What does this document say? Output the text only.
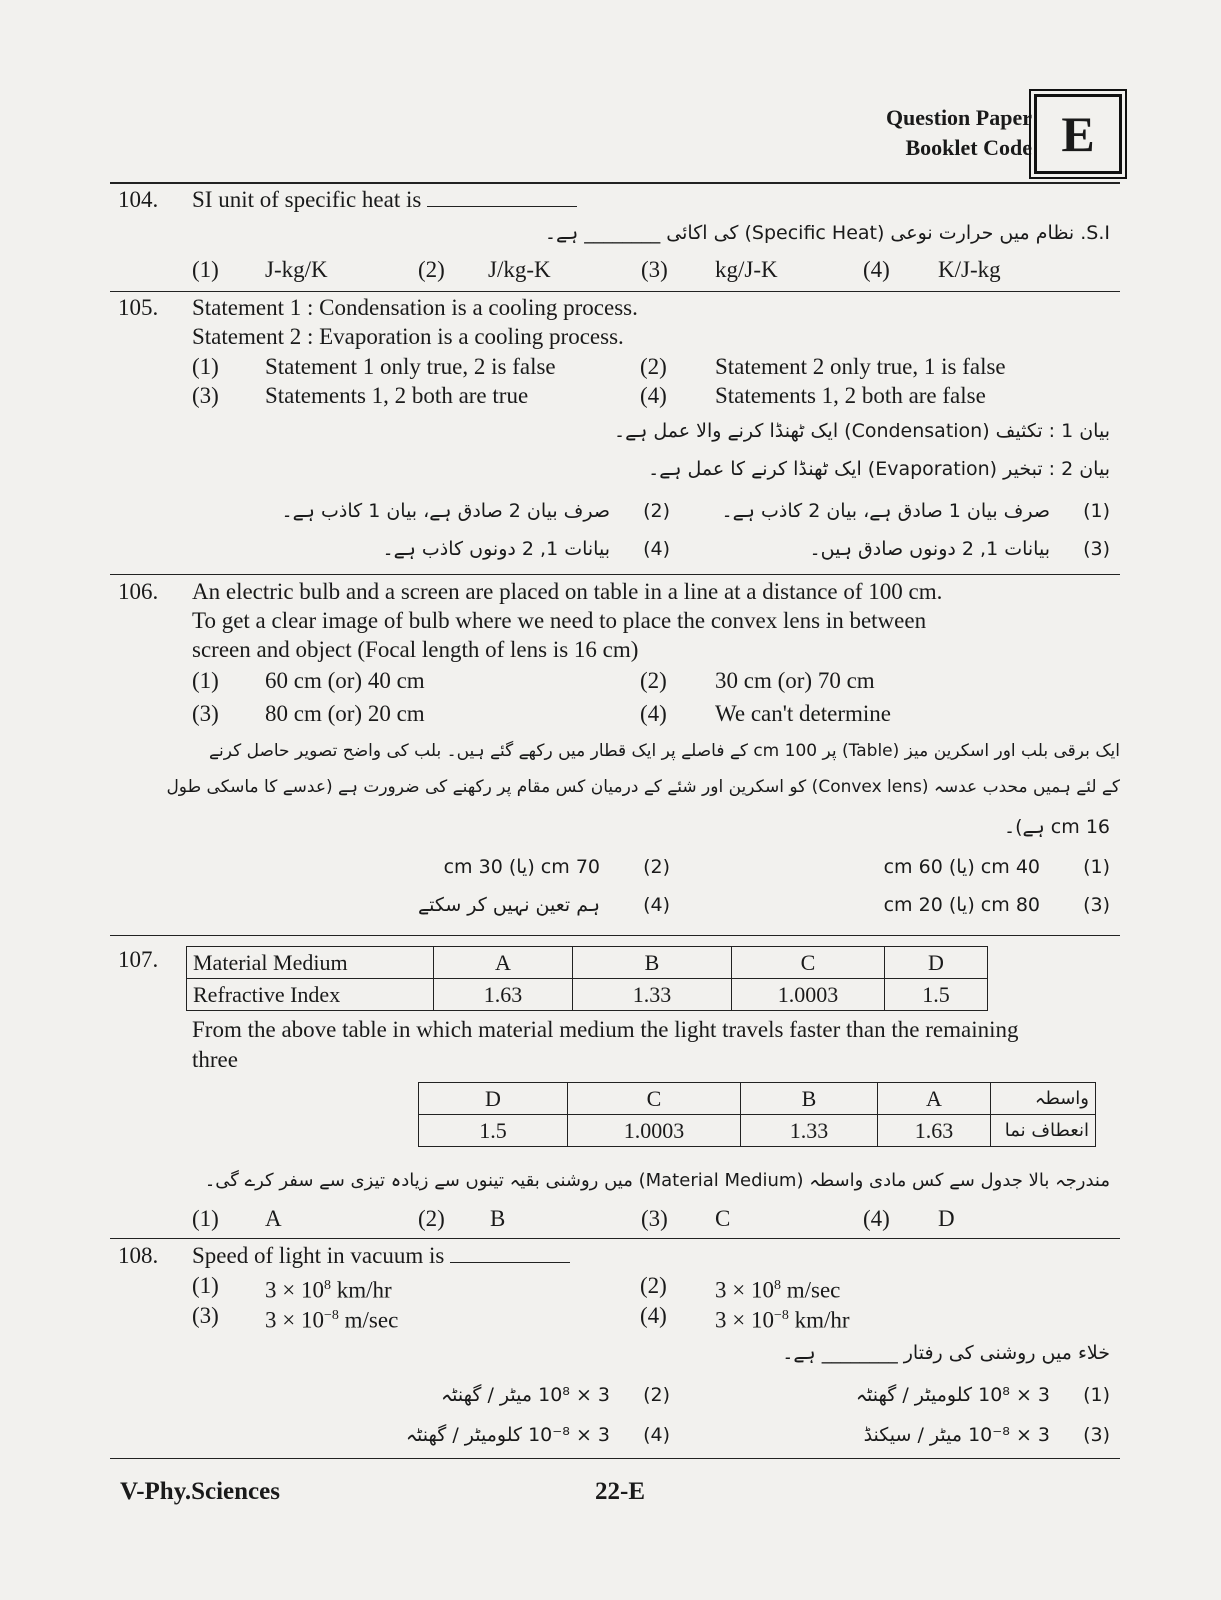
Question Paper
Booklet Code E
104. SI unit of specific heat is
S.I. نظام میں حرارت نوعی (Specific Heat) کی اکائی ________ ہے۔
(1) J-kg/K	(2) J/kg-K	(3) kg/J-K	(4) K/J-kg
105. Statement 1 : Condensation is a cooling process.
Statement 2 : Evaporation is a cooling process.
(1) Statement 1 only true, 2 is false	(2) Statement 2 only true, 1 is false
(3) Statements 1, 2 both are true	(4) Statements 1, 2 both are false
بیان 1 : تکثیف (Condensation) ایک ٹھنڈا کرنے والا عمل ہے۔
بیان 2 : تبخیر (Evaporation) ایک ٹھنڈا کرنے کا عمل ہے۔
(1)
صرف بیان 1 صادق ہے، بیان 2 کاذب ہے۔
(2)
صرف بیان 2 صادق ہے، بیان 1 کاذب ہے۔
(3)
بیانات 1, 2 دونوں صادق ہیں۔
(4)
بیانات 1, 2 دونوں کاذب ہے۔
106. An electric bulb and a screen are placed on table in a line at a distance of 100 cm.
To get a clear image of bulb where we need to place the convex lens in between
screen and object (Focal length of lens is 16 cm)
(1) 60 cm (or) 40 cm	(2) 30 cm (or) 70 cm
(3) 80 cm (or) 20 cm	(4) We can't determine
ایک برقی بلب اور اسکرین میز (Table) پر 100 cm کے فاصلے پر ایک قطار میں رکھے گئے ہیں۔ بلب کی واضح تصویر حاصل کرنے
کے لئے ہمیں محدب عدسہ (Convex lens) کو اسکرین اور شئے کے درمیان کس مقام پر رکھنے کی ضرورت ہے (عدسے کا ماسکی طول
16 cm ہے)۔
(1)
40 cm (یا) 60 cm
(2)
70 cm (یا) 30 cm
(3)
80 cm (یا) 20 cm
(4)
ہم تعین نہیں کر سکتے
107. Material Medium	A	B	C	D
Refractive Index	1.63	1.33	1.0003	1.5
From the above table in which material medium the light travels faster than the remaining
three
D	C	B	A	واسطہ
1.5	1.0003	1.33	1.63	انعطاف نما
مندرجہ بالا جدول سے کس مادی واسطہ (Material Medium) میں روشنی بقیہ تینوں سے زیادہ تیزی سے سفر کرے گی۔
(1) A	(2) B	(3) C	(4) D
108. Speed of light in vacuum is
(1) $3 \times 10^8$ km/hr	(2) $3 \times 10^8$ m/sec
(3) $3 \times 10^{-8}$ m/sec	(4) $3 \times 10^{-8}$ km/hr
خلاء میں روشنی کی رفتار ________ ہے۔
(1)
3 × 10⁸ کلومیٹر / گھنٹہ
(2)
3 × 10⁸ میٹر / گھنٹہ
(3)
3 × 10⁻⁸ میٹر / سیکنڈ
(4)
3 × 10⁻⁸ کلومیٹر / گھنٹہ
V-Phy.Sciences	22-E
